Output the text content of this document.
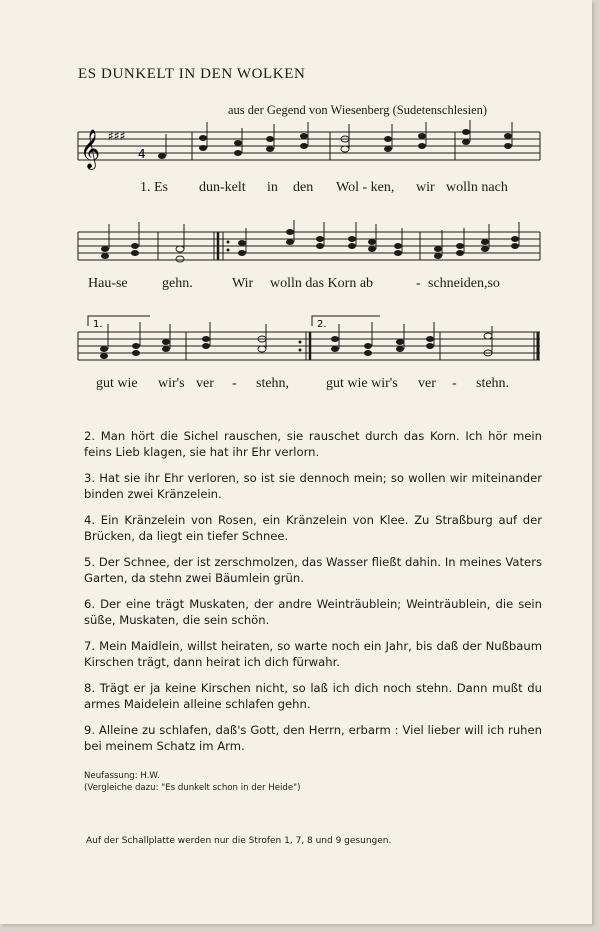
ES DUNKELT IN DEN WOLKEN
aus der Gegend von Wiesenberg (Sudetenschlesien)
𝄞 ♯♯♯
4
1. Es dun-kelt in den Wol - ken, wir wolln nach
Hau-se gehn.	Wir wolln das Korn ab	- schneiden,so
1.	2.
gut wie wir's ver - stehn,	gut wie wir's ver - stehn.

2. Man hört die Sichel rauschen, sie rauschet durch das Korn. Ich hör mein feins Lieb klagen, sie hat ihr Ehr verlorn.

3. Hat sie ihr Ehr verloren, so ist sie dennoch mein; so wollen wir miteinander binden zwei Kränzelein.

4. Ein Kränzelein von Rosen, ein Kränzelein von Klee. Zu Straßburg auf der Brücken, da liegt ein tiefer Schnee.

5. Der Schnee, der ist zerschmolzen, das Wasser fließt dahin. In meines Vaters Garten, da stehn zwei Bäumlein grün.

6. Der eine trägt Muskaten, der andre Weinträublein; Weinträublein, die sein süße, Muskaten, die sein schön.

7. Mein Maidlein, willst heiraten, so warte noch ein Jahr, bis daß der Nußbaum Kirschen trägt, dann heirat ich dich fürwahr.

8. Trägt er ja keine Kirschen nicht, so laß ich dich noch stehn. Dann mußt du armes Maidelein alleine schlafen gehn.

9. Alleine zu schlafen, daß's Gott, den Herrn, erbarm : Viel lieber will ich ruhen bei meinem Schatz im Arm.

Neufassung: H.W.
(Vergleiche dazu: "Es dunkelt schon in der Heide")
Auf der Schallplatte werden nur die Strofen 1, 7, 8 und 9 gesungen.
